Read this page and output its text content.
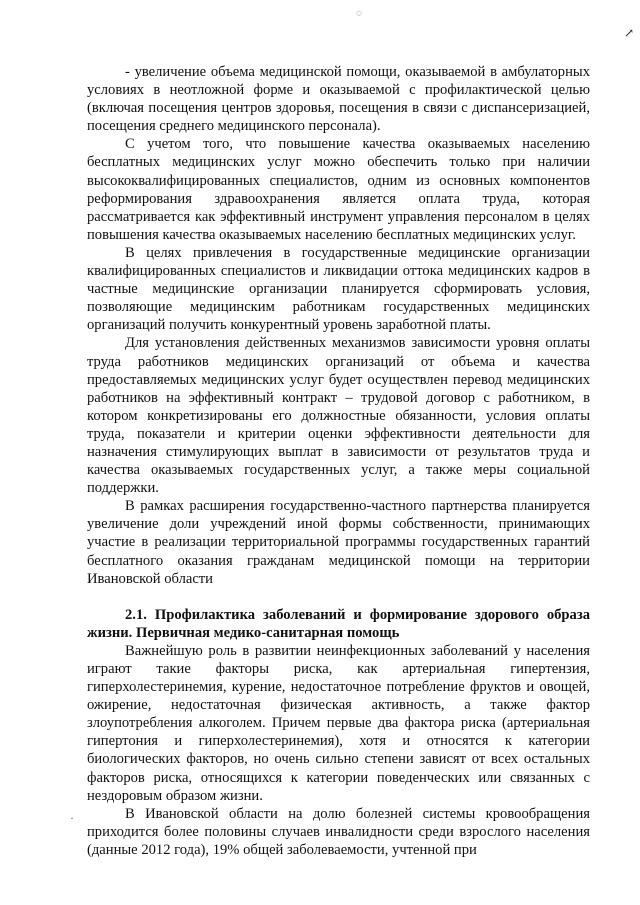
◌
↗
·

- увеличение объема медицинской помощи, оказываемой в амбулаторных условиях в неотложной форме и оказываемой с профилактической целью (включая посещения центров здоровья, посещения в связи с диспансеризацией, посещения среднего медицинского персонала).

С учетом того, что повышение качества оказываемых населению бесплатных медицинских услуг можно обеспечить только при наличии высококвалифицированных специалистов, одним из основных компонентов реформирования здравоохранения является оплата труда, которая рассматривается как эффективный инструмент управления персоналом в целях повышения качества оказываемых населению бесплатных медицинских услуг.

В целях привлечения в государственные медицинские организации квалифицированных специалистов и ликвидации оттока медицинских кадров в частные медицинские организации планируется сформировать условия, позволяющие медицинским работникам государственных медицинских организаций получить конкурентный уровень заработной платы.

Для установления действенных механизмов зависимости уровня оплаты труда работников медицинских организаций от объема и качества предоставляемых медицинских услуг будет осуществлен перевод медицинских работников на эффективный контракт – трудовой договор с работником, в котором конкретизированы его должностные обязанности, условия оплаты труда, показатели и критерии оценки эффективности деятельности для назначения стимулирующих выплат в зависимости от результатов труда и качества оказываемых государственных услуг, а также меры социальной поддержки.

В рамках расширения государственно-частного партнерства планируется увеличение доли учреждений иной формы собственности, принимающих участие в реализации территориальной программы государственных гарантий бесплатного оказания гражданам медицинской помощи на территории Ивановской области

2.1. Профилактика заболеваний и формирование здорового образа жизни. Первичная медико-санитарная помощь

Важнейшую роль в развитии неинфекционных заболеваний у населения играют такие факторы риска, как артериальная гипертензия, гиперхолестеринемия, курение, недостаточное потребление фруктов и овощей, ожирение, недостаточная физическая активность, а также фактор злоупотребления алкоголем. Причем первые два фактора риска (артериальная гипертония и гиперхолестеринемия), хотя и относятся к категории биологических факторов, но очень сильно степени зависят от всех остальных факторов риска, относящихся к категории поведенческих или связанных с нездоровым образом жизни.

В Ивановской области на долю болезней системы кровообращения приходится более половины случаев инвалидности среди взрослого населения (данные 2012 года), 19% общей заболеваемости, учтенной при
